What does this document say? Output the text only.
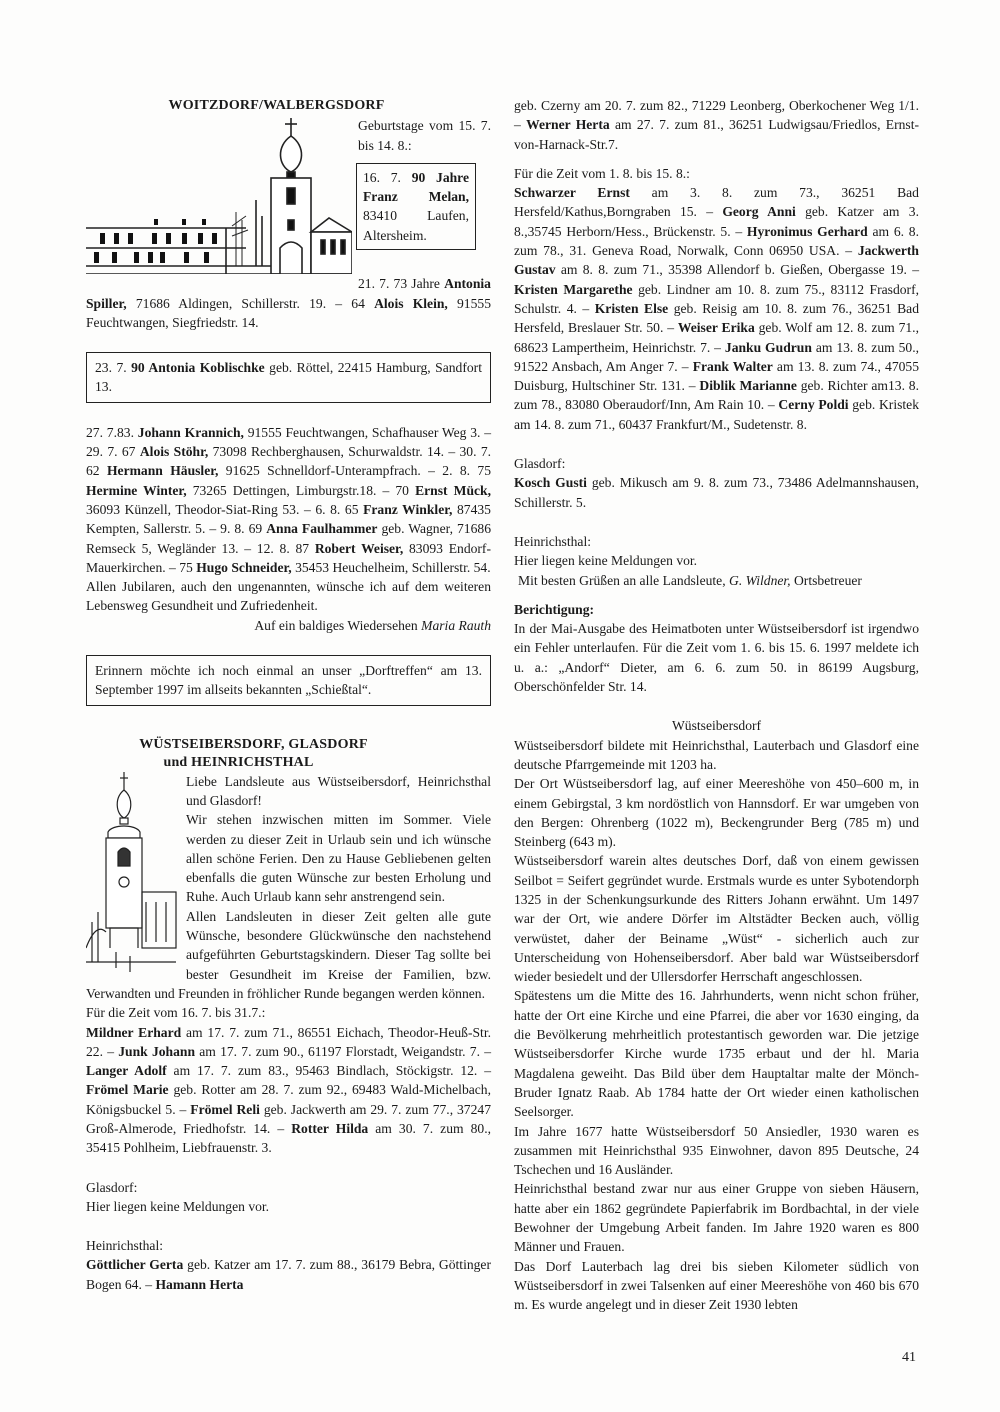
WOITZDORF/WALBERGSDORF

Geburtstage vom 15. 7. bis 14. 8.:

16. 7. 90 Jahre Franz Melan, 83410 Laufen, Altersheim.

21. 7. 73 Jahre Antonia Spiller, 71686 Aldingen, Schillerstr. 19. – 64 Alois Klein, 91555 Feuchtwangen, Siegfriedstr. 14.

23. 7. 90 Antonia Koblischke geb. Röttel, 22415 Hamburg, Sandfort 13.

27. 7.83. Johann Krannich, 91555 Feuchtwangen, Schafhauser Weg 3. – 29. 7. 67 Alois Stöhr, 73098 Rechberghausen, Schurwaldstr. 14. – 30. 7. 62 Hermann Häusler, 91625 Schnelldorf-Unterampfrach. – 2. 8. 75 Hermine Winter, 73265 Dettingen, Limburgstr.18. – 70 Ernst Mück, 36093 Künzell, Theodor-Siat-Ring 53. – 6. 8. 65 Franz Winkler, 87435 Kempten, Sallerstr. 5. – 9. 8. 69 Anna Faulhammer geb. Wagner, 71686 Remseck 5, Wegländer 13. – 12. 8. 87 Robert Weiser, 83093 Endorf-Mauerkirchen. – 75 Hugo Schneider, 35453 Heuchelheim, Schillerstr. 54.

Allen Jubilaren, auch den ungenannten, wünsche ich auf dem weiteren Lebensweg Gesundheit und Zufriedenheit.

Auf ein baldiges Wiedersehen Maria Rauth

Erinnern möchte ich noch einmal an unser „Dorftreffen“ am 13. September 1997 im allseits bekannten „Schießtal“.

WÜSTSEIBERSDORF, GLASDORF
und HEINRICHSTHAL

Liebe Landsleute aus Wüstseibersdorf, Heinrichsthal und Glasdorf!

Wir stehen inzwischen mitten im Sommer. Viele werden zu dieser Zeit in Urlaub sein und ich wünsche allen schöne Ferien. Den zu Hause Gebliebenen gelten ebenfalls die guten Wünsche zur besten Erholung und Ruhe. Auch Urlaub kann sehr anstrengend sein.

Allen Landsleuten in dieser Zeit gelten alle gute Wünsche, besondere Glückwünsche den nachstehend aufgeführten Geburtstagskindern. Dieser Tag sollte bei bester Gesundheit im Kreise der Familien, bzw. Verwandten und Freunden in fröhlicher Runde begangen werden können.

Für die Zeit vom 16. 7. bis 31.7.:

Mildner Erhard am 17. 7. zum 71., 86551 Eichach, Theodor-Heuß-Str. 22. – Junk Johann am 17. 7. zum 90., 61197 Florstadt, Weigandstr. 7. – Langer Adolf am 17. 7. zum 83., 95463 Bindlach, Stöckigstr. 12. – Frömel Marie geb. Rotter am 28. 7. zum 92., 69483 Wald-Michelbach, Königsbuckel 5. – Frömel Reli geb. Jackwerth am 29. 7. zum 77., 37247 Groß-Almerode, Friedhofstr. 14. – Rotter Hilda am 30. 7. zum 80., 35415 Pohlheim, Liebfrauenstr. 3.

Glasdorf:

Hier liegen keine Meldungen vor.

Heinrichsthal:

Göttlicher Gerta geb. Katzer am 17. 7. zum 88., 36179 Bebra, Göttinger Bogen 64. – Hamann Herta

geb. Czerny am 20. 7. zum 82., 71229 Leonberg, Oberkochener Weg 1/1. – Werner Herta am 27. 7. zum 81., 36251 Ludwigsau/Friedlos, Ernst-von-Harnack-Str.7.

Für die Zeit vom 1. 8. bis 15. 8.:

Schwarzer Ernst am 3. 8. zum 73., 36251 Bad Hersfeld/Kathus,Borngraben 15. – Georg Anni geb. Katzer am 3. 8.,35745 Herborn/Hess., Brückenstr. 5. – Hyronimus Gerhard am 6. 8. zum 78., 31. Geneva Road, Norwalk, Conn 06950 USA. – Jackwerth Gustav am 8. 8. zum 71., 35398 Allendorf b. Gießen, Obergasse 19. – Kristen Margarethe geb. Lindner am 10. 8. zum 75., 83112 Frasdorf, Schulstr. 4. – Kristen Else geb. Reisig am 10. 8. zum 76., 36251 Bad Hersfeld, Breslauer Str. 50. – Weiser Erika geb. Wolf am 12. 8. zum 71., 68623 Lampertheim, Heinrichstr. 7. – Janku Gudrun am 13. 8. zum 50., 91522 Ansbach, Am Anger 7. – Frank Walter am 13. 8. zum 74., 47055 Duisburg, Hultschiner Str. 131. – Diblik Marianne geb. Richter am13. 8. zum 78., 83080 Oberaudorf/Inn, Am Rain 10. – Cerny Poldi geb. Kristek am 14. 8. zum 71., 60437 Frankfurt/M., Sudetenstr. 8.

Glasdorf:

Kosch Gusti geb. Mikusch am 9. 8. zum 73., 73486 Adelmannshausen, Schillerstr. 5.

Heinrichsthal:

Hier liegen keine Meldungen vor.

Mit besten Grüßen an alle Landsleute, G. Wildner, Ortsbetreuer

Berichtigung:

In der Mai-Ausgabe des Heimatboten unter Wüstseibersdorf ist irgendwo ein Fehler unterlaufen. Für die Zeit vom 1. 6. bis 15. 6. 1997 meldete ich u. a.: „Andorf“ Dieter, am 6. 6. zum 50. in 86199 Augsburg, Oberschönfelder Str. 14.

Wüstseibersdorf

Wüstseibersdorf bildete mit Heinrichsthal, Lauterbach und Glasdorf eine deutsche Pfarrgemeinde mit 1203 ha.

Der Ort Wüstseibersdorf lag, auf einer Meereshöhe von 450–600 m, in einem Gebirgstal, 3 km nordöstlich von Hannsdorf. Er war umgeben von den Bergen: Ohrenberg (1022 m), Beckengrunder Berg (785 m) und Steinberg (643 m).

Wüstseibersdorf warein altes deutsches Dorf, daß von einem gewissen Seilbot = Seifert gegründet wurde. Erstmals wurde es unter Sybotendorph 1325 in der Schenkungsurkunde des Ritters Johann erwähnt. Um 1497 war der Ort, wie andere Dörfer im Altstädter Becken auch, völlig verwüstet, daher der Beiname „Wüst“ - sicherlich auch zur Unterscheidung von Hohenseibersdorf. Aber bald war Wüstseibersdorf wieder besiedelt und der Ullersdorfer Herrschaft angeschlossen.

Spätestens um die Mitte des 16. Jahrhunderts, wenn nicht schon früher, hatte der Ort eine Kirche und eine Pfarrei, die aber vor 1630 einging, da die Bevölkerung mehrheitlich protestantisch geworden war. Die jetzige Wüstseibersdorfer Kirche wurde 1735 erbaut und der hl. Maria Magdalena geweiht. Das Bild über dem Hauptaltar malte der Mönch-Bruder Ignatz Raab. Ab 1784 hatte der Ort wieder einen katholischen Seelsorger.

Im Jahre 1677 hatte Wüstseibersdorf 50 Ansiedler, 1930 waren es zusammen mit Heinrichsthal 935 Einwohner, davon 895 Deutsche, 24 Tschechen und 16 Ausländer.

Heinrichsthal bestand zwar nur aus einer Gruppe von sieben Häusern, hatte aber ein 1862 gegründete Papierfabrik im Bordbachtal, in der viele Bewohner der Umgebung Arbeit fanden. Im Jahre 1920 waren es 800 Männer und Frauen.

Das Dorf Lauterbach lag drei bis sieben Kilometer südlich von Wüstseibersdorf in zwei Talsenken auf einer Meereshöhe von 460 bis 670 m. Es wurde angelegt und in dieser Zeit 1930 lebten

41
